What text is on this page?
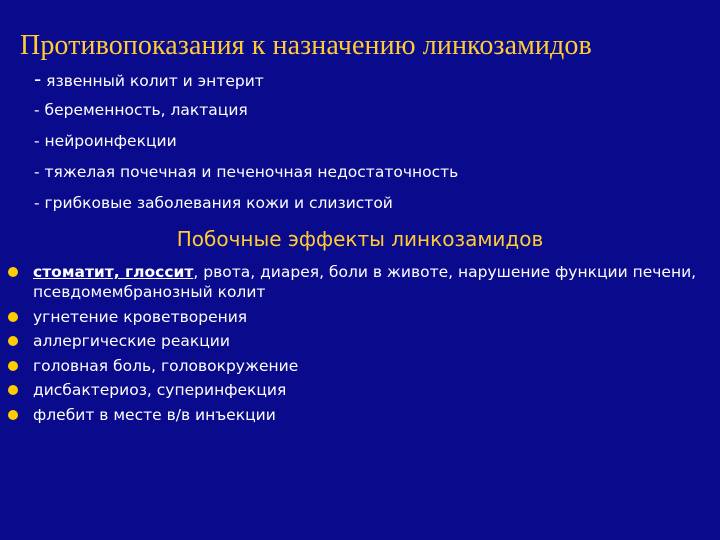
Противопоказания к назначению линкозамидов
- язвенный колит и энтерит
- беременность, лактация
- нейроинфекции
- тяжелая почечная и печеночная недостаточность
- грибковые заболевания кожи и слизистой
Побочные эффекты линкозамидов
стоматит, глоссит, рвота, диарея, боли в животе, нарушение функции печени, псевдомембранозный колит
угнетение кроветворения
аллергические реакции
головная боль, головокружение
дисбактериоз, суперинфекция
флебит в месте в/в инъекции
